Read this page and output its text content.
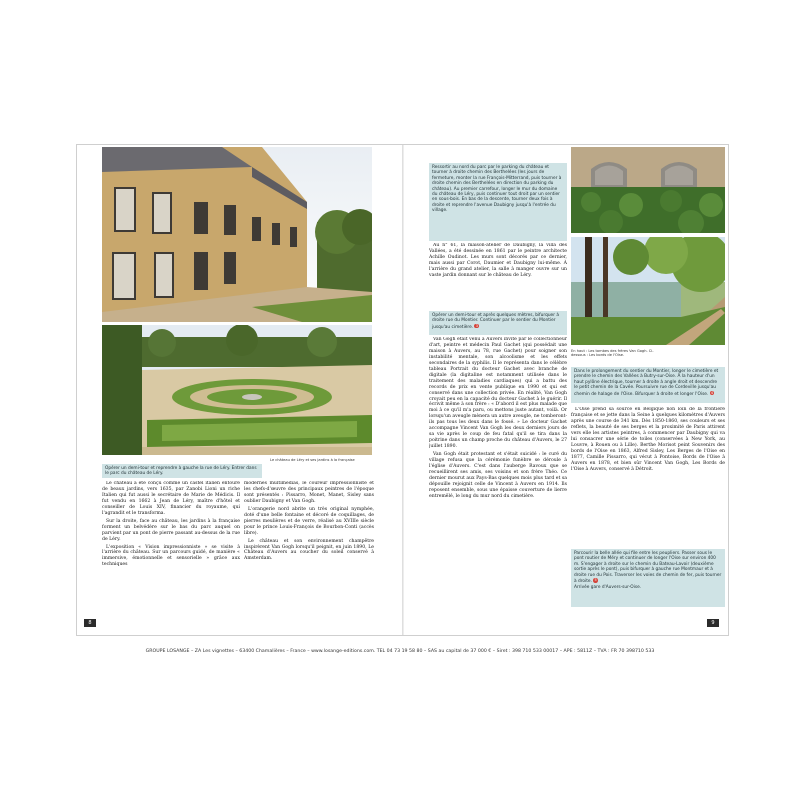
Le château de Léry et ses jardins à la française
Opérer un demi-tour et reprendre à gauche la rue de Léry. Entrer dans le parc du château de Léry.

Le château a été conçu comme un castel italien entouré de beaux jardins, vers 1635, par Zanobi Lioni un riche Italien qui fut aussi le secrétaire de Marie de Médicis. Il fut vendu en 1662 à Jean de Léry, maître d'hôtel et conseiller de Louis XIV, financier du royaume, qui l'agrandit et le transforma.

Sur la droite, face au château, les jardins à la française forment un belvédère sur le bas du parc auquel on parvient par un pont de pierre passant au-dessus de la rue de Léry.

L'exposition « Vision impressionniste » se visite à l'arrière du château. Sur un parcours guidé, de manière « immersive, émotionnelle et sensorielle » grâce aux techniques

modernes multimédias, le coureur impressionniste et les chefs-d'œuvre des principaux peintres de l'époque sont présentés : Pissarro, Monet, Manet, Sisley sans oublier Daubigny et Van Gogh.

L'orangerie nord abrite un très original nymphée, doté d'une belle fontaine et décoré de coquillages, de pierres meulières et de verre, réalisé au XVIIIe siècle pour le prince Louis-François de Bourbon-Conti (accès libre).

Le château et son environnement champêtre inspirèrent Van Gogh lorsqu'il peignit, en juin 1890, Le Château d'Auvers au coucher du soleil conservé à Amsterdam.

8
Ressortir au nord du parc par le parking du château et tourner à droite chemin des Berthelées (les jours de fermeture, monter la rue François-Mitterrand, puis tourner à droite chemin des Berthelées en direction du parking du château). Au premier carrefour, longer le mur du domaine du château de Léry, puis continuer tout droit par un sentier en sous-bois. En bas de la descente, tourner deux fois à droite et reprendre l'avenue Daubigny jusqu'à l'entrée du village.

Au n° 61, la maison-atelier de Daubigny, la villa des Vallées, a été dessinée en 1861 par le peintre architecte Achille Oudinot. Les murs sont décorés par ce dernier, mais aussi par Corot, Daumier et Daubigny lui-même. À l'arrière du grand atelier, la salle à manger ouvre sur un vaste jardin donnant sur le château de Léry.

Opérer un demi-tour et après quelques mètres, bifurquer à droite rue du Montier. Continuer par le sentier du Montier jusqu'au cimetière. 3

Van Gogh était venu à Auvers invité par le collectionneur d'art, peintre et médecin Paul Gachet (qui possédait une maison à Auvers, au 78, rue Gachet) pour soigner son instabilité mentale, son alcoolisme et les effets secondaires de la syphilis. Il le représenta dans le célèbre tableau Portrait du docteur Gachet avec branche de digitale (la digitaline est notamment utilisée dans le traitement des maladies cardiaques) qui a battu des records de prix en vente publique en 1990 et qui est conservé dans une collection privée. En réalité, Van Gogh croyait peu en la capacité du docteur Gachet à le guérir. Il écrivit même à son frère : « D'abord il est plus malade que moi à ce qu'il m'a paru, ou mettons juste autant, voilà. Or lorsqu'un aveugle mènera un autre aveugle, ne tomberont-ils pas tous les deux dans le fossé. » Le docteur Gachet accompagne Vincent Van Gogh les deux derniers jours de sa vie après le coup de feu fatal qu'il se tira dans la poitrine dans un champ proche du château d'Auvers, le 27 juillet 1890.

Van Gogh était protestant et s'était suicidé : le curé du village refusa que la cérémonie funèbre se déroule à l'église d'Auvers. C'est dans l'auberge Ravoux que se recueillirent ses amis, ses voisins et son frère Théo. Ce dernier mourut aux Pays-Bas quelques mois plus tard et sa dépouille rejoignit celle de Vincent à Auvers en 1914. Ils reposent ensemble, sous une épaisse couverture de lierre entremêlé, le long du mur nord du cimetière.

En haut : Les tombes des frères Van Gogh. Ci-dessous : Les bords de l'Oise.
Dans le prolongement du sentier du Montier, longer le cimetière et prendre le chemin des Vallées à Butry-sur-Oise. À la hauteur d'un haut pylône électrique, tourner à droite à angle droit et descendre le petit chemin de la Cavée. Poursuivre rue de Cordeville jusqu'au chemin de halage de l'Oise. Bifurquer à droite et longer l'Oise. 4

L'Oise prend sa source en Belgique non loin de la frontière française et se jette dans la Seine à quelques kilomètres d'Auvers après une course de 341 km. Dès 1850-1860, ses couleurs et ses reflets, la beauté de ses berges et la proximité de Paris attirent vers elle les artistes peintres, à commencer par Daubigny qui va lui consacrer une série de toiles (conservées à New York, au Louvre, à Rouen ou à Lille). Berthe Morisot peint Souvenirs des bords de l'Oise en 1863, Alfred Sisley, Les Berges de l'Oise en 1877, Camille Pissarro, qui vécut à Pontoise, Bords de l'Oise à Auvers en 1878, et bien sûr Vincent Van Gogh, Les Bords de l'Oise à Auvers, conservé à Détroit.

Parcourir la belle allée qui file entre les peupliers. Passer sous le pont routier de Méry et continuer de longer l'Oise sur environ 400 m. S'engager à droite sur le chemin du Bateau-Lavoir (deuxième sortie après le pont), puis bifurquer à gauche rue Montmaur et à droite rue du Pois. Traverser les voies de chemin de fer, puis tourner à droite. 5

Arrivée gare d'Auvers-sur-Oise.

9
GROUPE LOSANGE – ZA Les vignettes – 63400 Chamalières – France – www.losange-editions.com. TEL 04 73 19 58 80 – SAS au capital de 37 000 € – Siret : 398 710 533 00017 – APE : 5811Z – TVA : FR 70 398710 533
